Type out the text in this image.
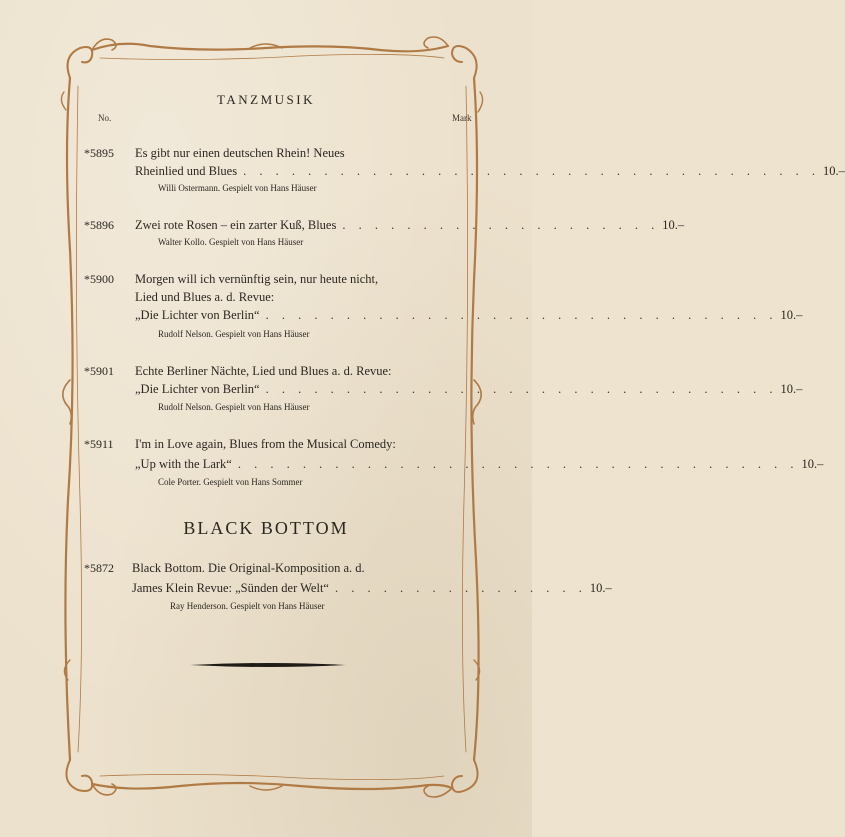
TANZMUSIK
No.	Mark
*5895 Es gibt nur einen deutschen Rhein! Neues
Rheinlied und Blues . . . . . . . . . . . . . . . . . . . . . . . . . . . . . . . . . . . . 10.–
Willi Ostermann. Gespielt von Hans Häuser
*5896 Zwei rote Rosen – ein zarter Kuß, Blues . . . . . . . . . . . . . . . . . . . . 10.–
Walter Kollo. Gespielt von Hans Häuser
*5900 Morgen will ich vernünftig sein, nur heute nicht,
Lied und Blues a. d. Revue:
„Die Lichter von Berlin“ . . . . . . . . . . . . . . . . . . . . . . . . . . . . . . . . 10.–
Rudolf Nelson. Gespielt von Hans Häuser
*5901 Echte Berliner Nächte, Lied und Blues a. d. Revue:
„Die Lichter von Berlin“ . . . . . . . . . . . . . . . . . . . . . . . . . . . . . . . . 10.–
Rudolf Nelson. Gespielt von Hans Häuser
*5911 I'm in Love again, Blues from the Musical Comedy:
„Up with the Lark“ . . . . . . . . . . . . . . . . . . . . . . . . . . . . . . . . . . . 10.–
Cole Porter. Gespielt von Hans Sommer
BLACK BOTTOM
*5872 Black Bottom. Die Original-Komposition a. d.
James Klein Revue: „Sünden der Welt“ . . . . . . . . . . . . . . . . 10.–
Ray Henderson. Gespielt von Hans Häuser
